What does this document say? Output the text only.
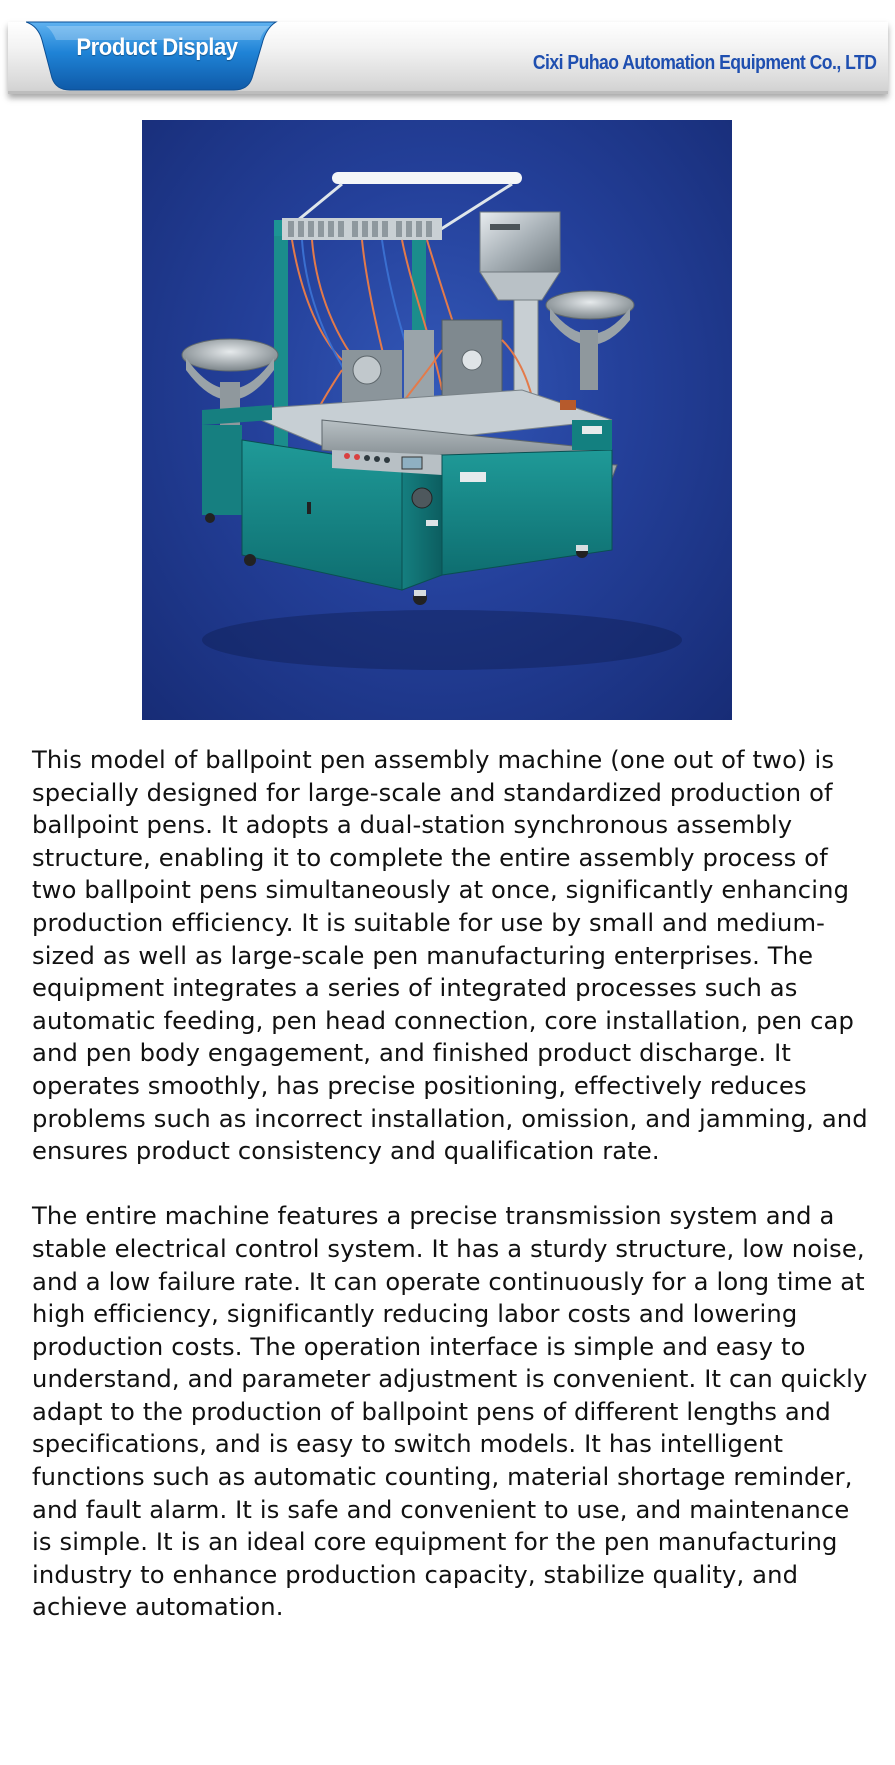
Product Display
Cixi Puhao Automation Equipment Co., LTD

This model of ballpoint pen assembly machine (one out of two) is specially designed for large-scale and standardized production of ballpoint pens. It adopts a dual-station synchronous assembly structure, enabling it to complete the entire assembly process of two ballpoint pens simultaneously at once, significantly enhancing production efficiency. It is suitable for use by small and medium-sized as well as large-scale pen manufacturing enterprises. The equipment integrates a series of integrated processes such as automatic feeding, pen head connection, core installation, pen cap and pen body engagement, and finished product discharge. It operates smoothly, has precise positioning, effectively reduces problems such as incorrect installation, omission, and jamming, and ensures product consistency and qualification rate.

The entire machine features a precise transmission system and a stable electrical control system. It has a sturdy structure, low noise, and a low failure rate. It can operate continuously for a long time at high efficiency, significantly reducing labor costs and lowering production costs. The operation interface is simple and easy to understand, and parameter adjustment is convenient. It can quickly adapt to the production of ballpoint pens of different lengths and specifications, and is easy to switch models. It has intelligent functions such as automatic counting, material shortage reminder, and fault alarm. It is safe and convenient to use, and maintenance is simple. It is an ideal core equipment for the pen manufacturing industry to enhance production capacity, stabilize quality, and achieve automation.
